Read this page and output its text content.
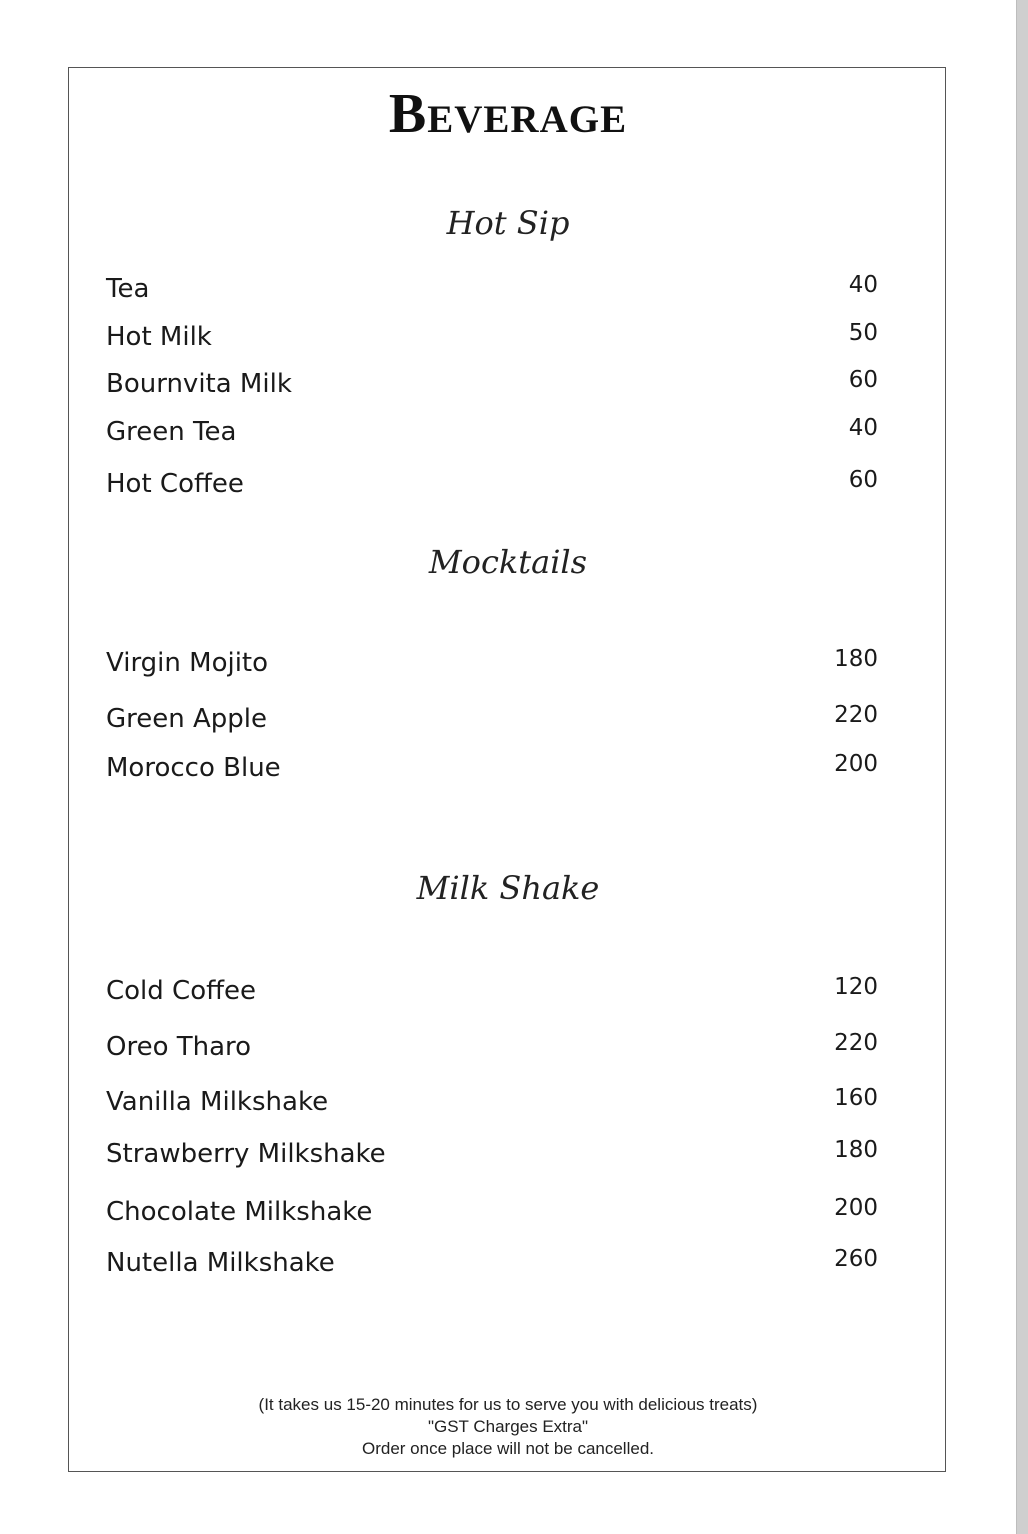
Beverage
Hot Sip
Tea	40
Hot Milk	50
Bournvita Milk	60
Green Tea	40
Hot Coffee	60
Mocktails
Virgin Mojito	180
Green Apple	220
Morocco Blue	200
Milk Shake
Cold Coffee	120
Oreo Tharo	220
Vanilla Milkshake	160
Strawberry Milkshake	180
Chocolate Milkshake	200
Nutella Milkshake	260
(It takes us 15-20 minutes for us to serve you with delicious treats)
"GST Charges Extra"
Order once place will not be cancelled.
